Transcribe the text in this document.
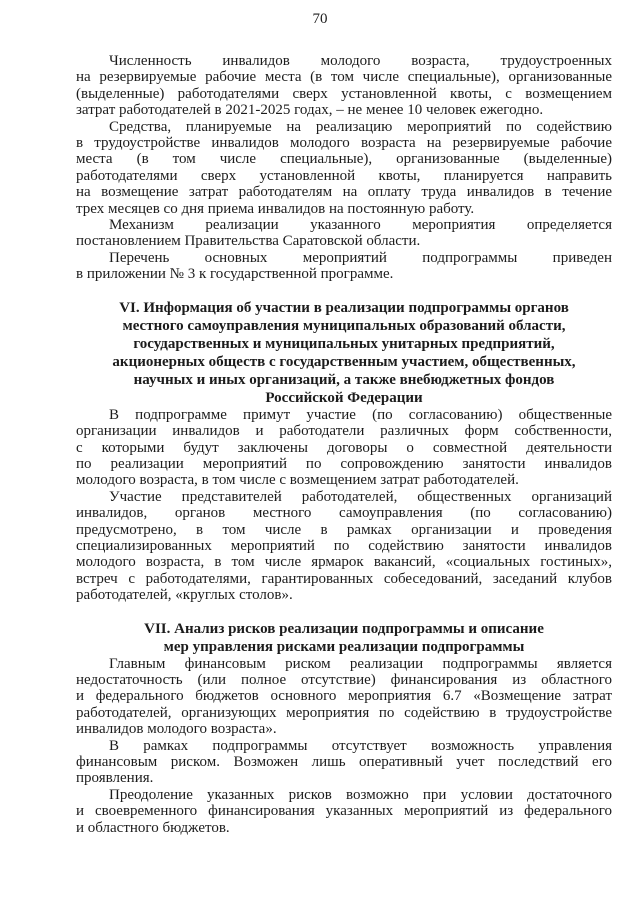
70
Численность инвалидов молодого возраста, трудоустроенных
на резервируемые рабочие места (в том числе специальные), организованные
(выделенные) работодателями сверх установленной квоты, с возмещением
затрат работодателей в 2021-2025 годах, – не менее 10 человек ежегодно.
Средства, планируемые на реализацию мероприятий по содействию
в трудоустройстве инвалидов молодого возраста на резервируемые рабочие
места (в том числе специальные), организованные (выделенные)
работодателями сверх установленной квоты, планируется направить
на возмещение затрат работодателям на оплату труда инвалидов в течение
трех месяцев со дня приема инвалидов на постоянную работу.
Механизм реализации указанного мероприятия определяется
постановлением Правительства Саратовской области.
Перечень основных мероприятий подпрограммы приведен
в приложении № 3 к государственной программе.
VI. Информация об участии в реализации подпрограммы органов
местного самоуправления муниципальных образований области,
государственных и муниципальных унитарных предприятий,
акционерных обществ с государственным участием, общественных,
научных и иных организаций, а также внебюджетных фондов
Российской Федерации
В подпрограмме примут участие (по согласованию) общественные
организации инвалидов и работодатели различных форм собственности,
с которыми будут заключены договоры о совместной деятельности
по реализации мероприятий по сопровождению занятости инвалидов
молодого возраста, в том числе с возмещением затрат работодателей.
Участие представителей работодателей, общественных организаций
инвалидов, органов местного самоуправления (по согласованию)
предусмотрено, в том числе в рамках организации и проведения
специализированных мероприятий по содействию занятости инвалидов
молодого возраста, в том числе ярмарок вакансий, «социальных гостиных»,
встреч с работодателями, гарантированных собеседований, заседаний клубов
работодателей, «круглых столов».
VII. Анализ рисков реализации подпрограммы и описание
мер управления рисками реализации подпрограммы
Главным финансовым риском реализации подпрограммы является
недостаточность (или полное отсутствие) финансирования из областного
и федерального бюджетов основного мероприятия 6.7 «Возмещение затрат
работодателей, организующих мероприятия по содействию в трудоустройстве
инвалидов молодого возраста».
В рамках подпрограммы отсутствует возможность управления
финансовым риском. Возможен лишь оперативный учет последствий его
проявления.
Преодоление указанных рисков возможно при условии достаточного
и своевременного финансирования указанных мероприятий из федерального
и областного бюджетов.
